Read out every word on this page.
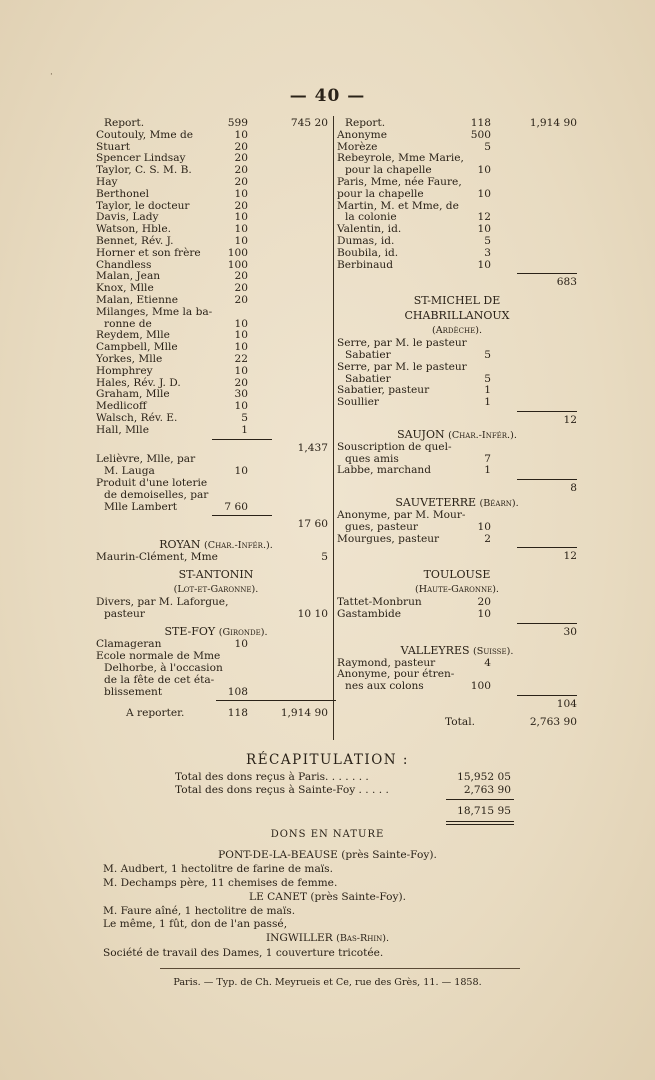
— 40 —
Report.	599	745 20
Coutouly, Mme de	10
Stuart	20
Spencer Lindsay	20
Taylor, C. S. M. B.	20
Hay	20
Berthonel	10
Taylor, le docteur	20
Davis, Lady	10
Watson, Hble.	10
Bennet, Rév. J.	10
Horner et son frère	100
Chandless	100
Malan, Jean	20
Knox, Mlle	20
Malan, Etienne	20
Milanges, Mme la ba-
ronne de	10
Reydem, Mlle	10
Campbell, Mlle	10
Yorkes, Mlle	22
Homphrey	10
Hales, Rév. J. D.	20
Graham, Mlle	30
Medlicoff	10
Walsch, Rév. E.	5
Hall, Mlle	1
1,437
Lelièvre, Mlle, par
M. Lauga	10
Produit d'une loterie
de demoiselles, par
Mlle Lambert	7 60
17 60
ROYAN (Char.-Infér.).
Maurin-Clément, Mme	5
ST-ANTONIN
(Lot-et-Garonne).
Divers, par M. Laforgue,
pasteur	10 10
STE-FOY (Gironde).
Clamageran	10
Ecole normale de Mme
Delhorbe, à l'occasion
de la fête de cet éta-
blissement	108
A reporter.	118	1,914 90
Report.	118	1,914 90
Anonyme	500
Morèze	5
Rebeyrole, Mme Marie,
pour la chapelle	10
Paris, Mme, née Faure,
pour la chapelle	10
Martin, M. et Mme, de
la colonie	12
Valentin, id.	10
Dumas, id.	5
Boubila, id.	3
Berbinaud	10
683
ST-MICHEL DE
CHABRILLANOUX
(Ardèche).
Serre, par M. le pasteur
Sabatier	5
Serre, par M. le pasteur
Sabatier	5
Sabatier, pasteur	1
Soullier	1
12
SAUJON (Char.-Infér.).
Souscription de quel-
ques amis	7
Labbe, marchand	1
8
SAUVETERRE (Béarn).
Anonyme, par M. Mour-
gues, pasteur	10
Mourgues, pasteur	2
12
TOULOUSE
(Haute-Garonne).
Tattet-Monbrun	20
Gastambide	10
30
VALLEYRES (Suisse).
Raymond, pasteur	4
Anonyme, pour étren-
nes aux colons	100
104
Total.	2,763 90
RÉCAPITULATION :
Total des dons reçus à Paris. . . . . . .	15,952 05
Total des dons reçus à Sainte-Foy . . . . .	2,763 90
18,715 95
DONS EN NATURE
PONT-DE-LA-BEAUSE (près Sainte-Foy).
M. Audbert, 1 hectolitre de farine de maïs.
M. Dechamps père, 11 chemises de femme.
LE CANET (près Sainte-Foy).
M. Faure aîné, 1 hectolitre de maïs.
Le même, 1 fût, don de l'an passé,
INGWILLER (Bas-Rhin).
Société de travail des Dames, 1 couverture tricotée.
Paris. — Typ. de Ch. Meyrueis et Ce, rue des Grès, 11. — 1858.
·
